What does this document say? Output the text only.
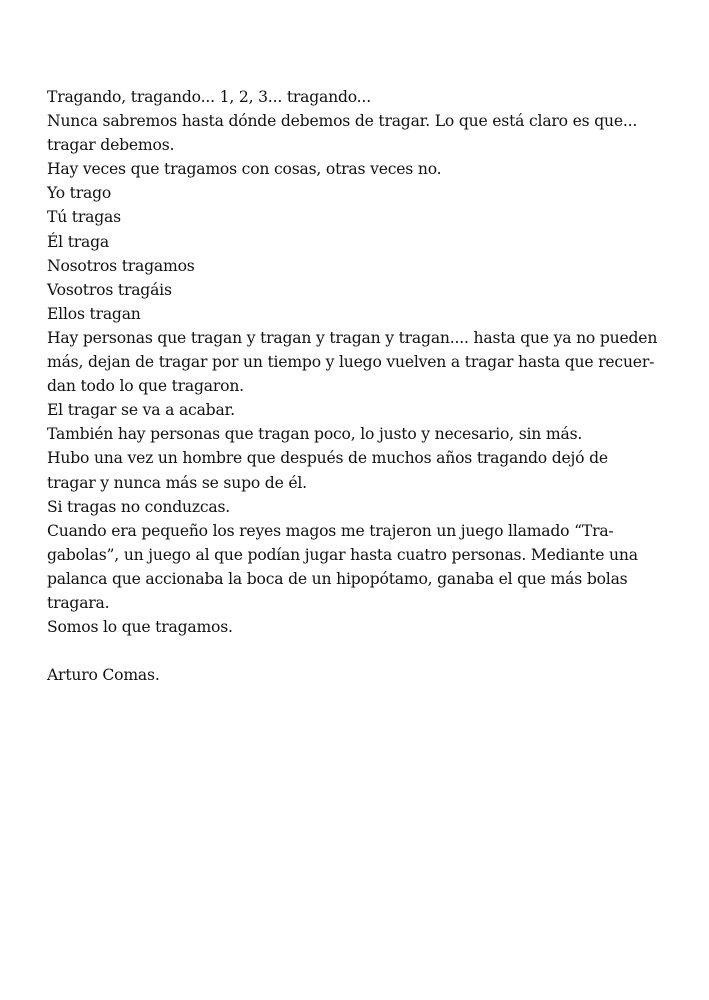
Tragando, tragando... 1, 2, 3... tragando...
Nunca sabremos hasta dónde debemos de tragar. Lo que está claro es que...
tragar debemos.
Hay veces que tragamos con cosas, otras veces no.
Yo trago
Tú tragas
Él traga
Nosotros tragamos
Vosotros tragáis
Ellos tragan
Hay personas que tragan y tragan y tragan y tragan.... hasta que ya no pueden
más, dejan de tragar por un tiempo y luego vuelven a tragar hasta que recuer-
dan todo lo que tragaron.
El tragar se va a acabar.
También hay personas que tragan poco, lo justo y necesario, sin más.
Hubo una vez un hombre que después de muchos años tragando dejó de
tragar y nunca más se supo de él.
Si tragas no conduzcas.
Cuando era pequeño los reyes magos me trajeron un juego llamado “Tra-
gabolas”, un juego al que podían jugar hasta cuatro personas. Mediante una
palanca que accionaba la boca de un hipopótamo, ganaba el que más bolas
tragara.
Somos lo que tragamos.
Arturo Comas.
